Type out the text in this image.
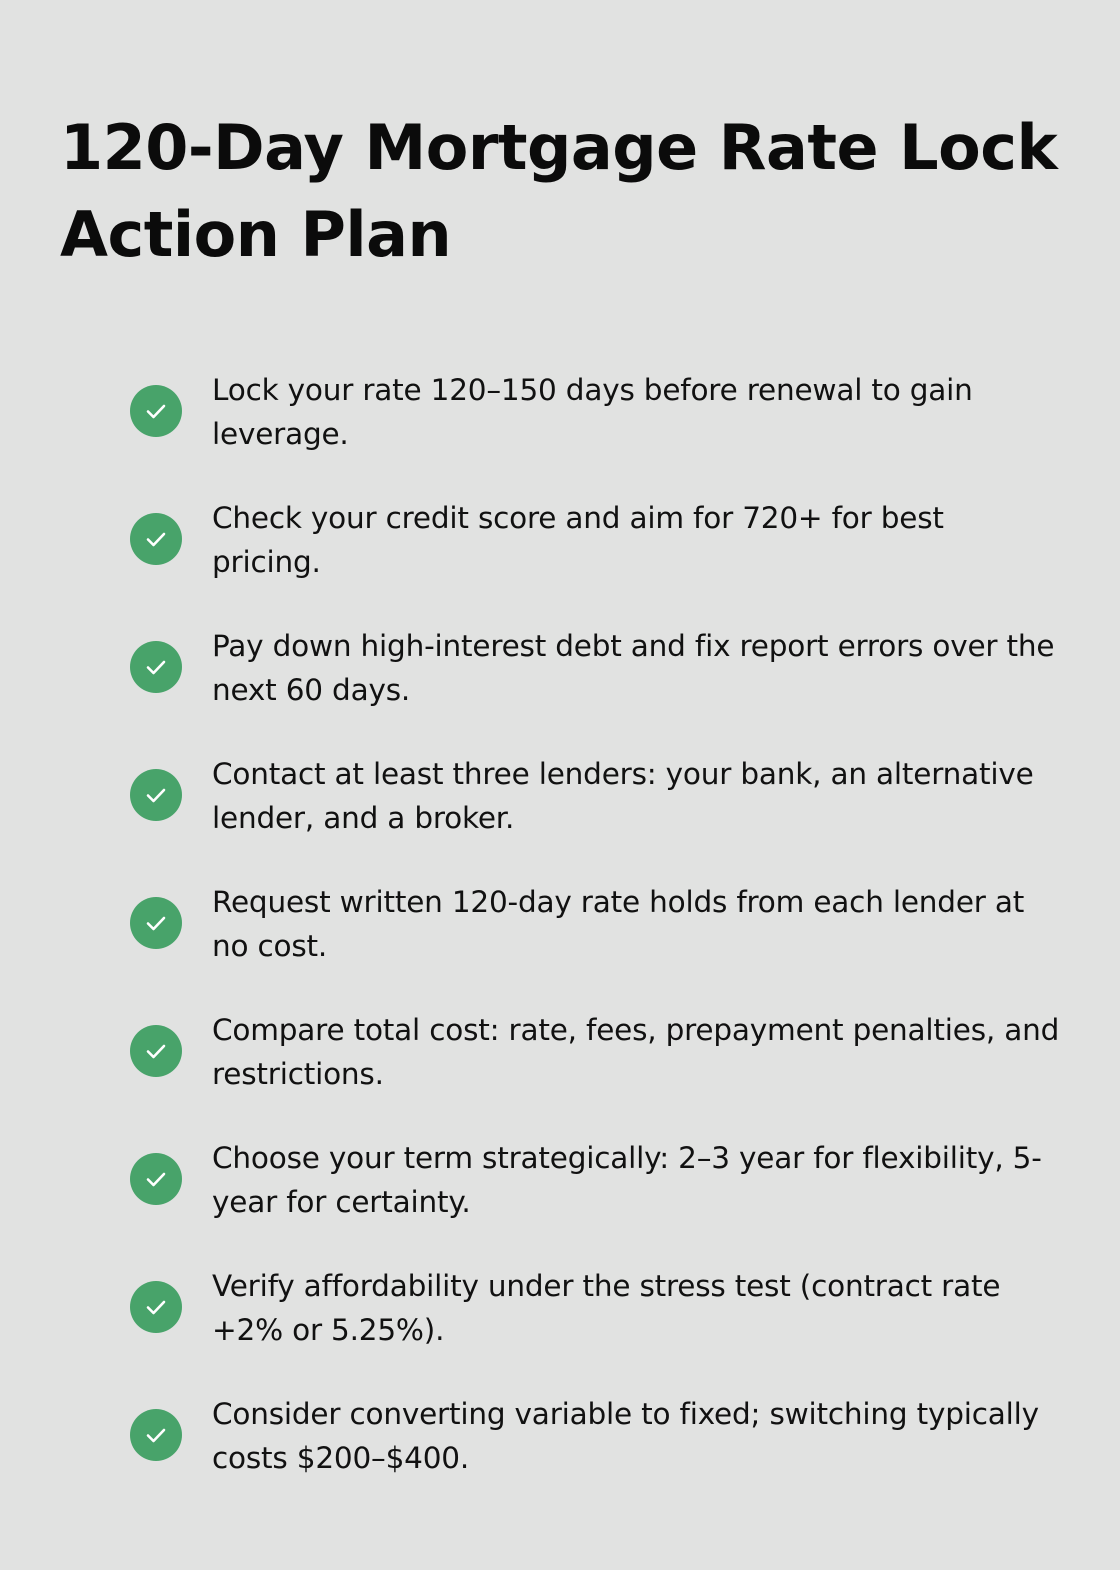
120-Day Mortgage Rate Lock Action Plan
Lock your rate 120–150 days before renewal to gain leverage.
Check your credit score and aim for 720+ for best pricing.
Pay down high-interest debt and fix report errors over the next 60 days.
Contact at least three lenders: your bank, an alternative lender, and a broker.
Request written 120-day rate holds from each lender at no cost.
Compare total cost: rate, fees, prepayment penalties, and restrictions.
Choose your term strategically: 2–3 year for flexibility, 5-year for certainty.
Verify affordability under the stress test (contract rate +2% or 5.25%).
Consider converting variable to fixed; switching typically costs $200–$400.
